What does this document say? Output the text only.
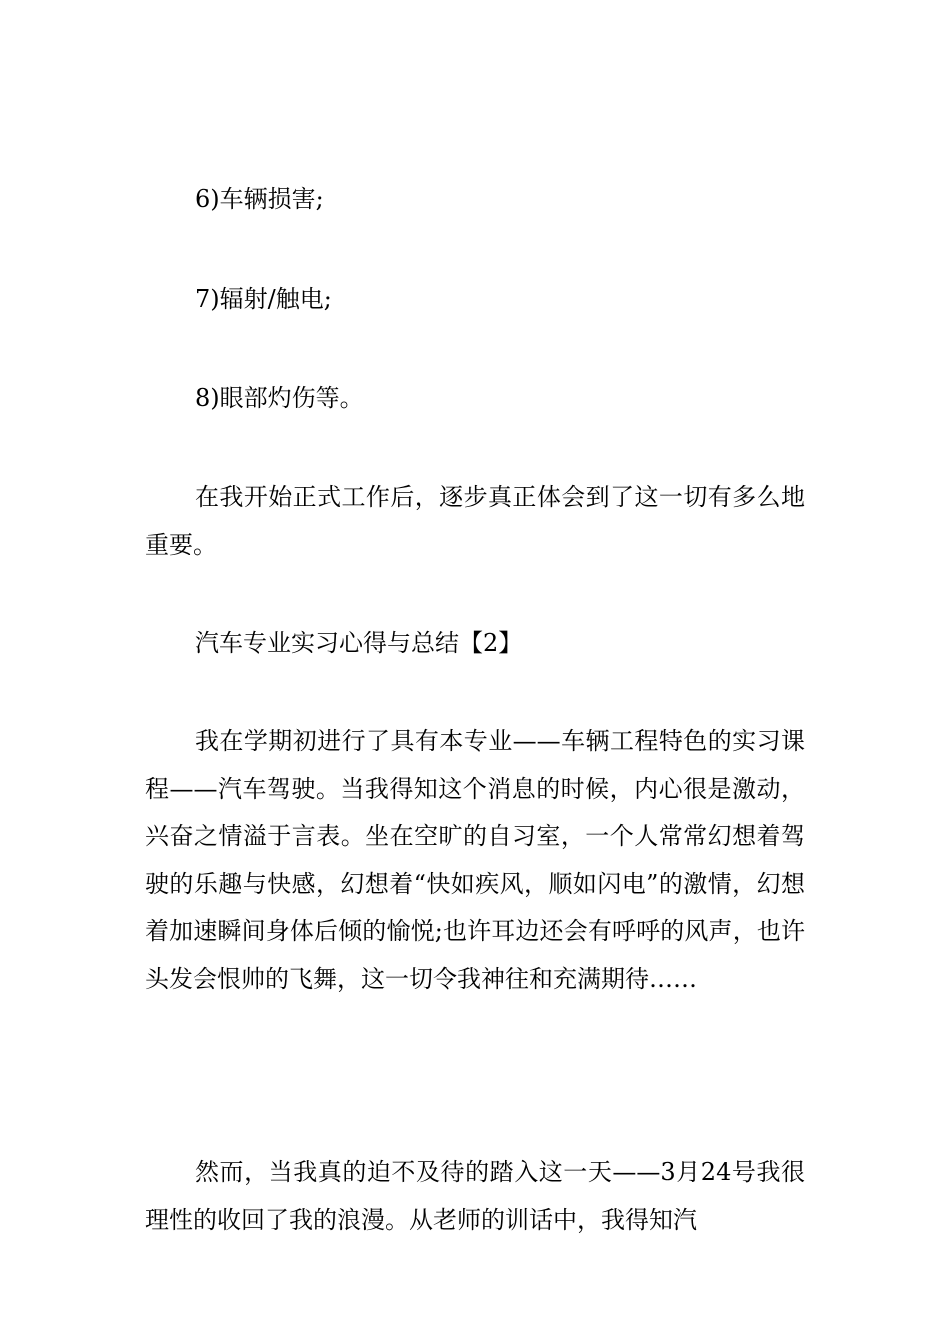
6)车辆损害;

7)辐射/触电;

8)眼部灼伤等。

在我开始正式工作后，逐步真正体会到了这一切有多么地重要。

汽车专业实习心得与总结【2】

我在学期初进行了具有本专业——车辆工程特色的实习课程——汽车驾驶。当我得知这个消息的时候，内心很是激动，兴奋之情溢于言表。坐在空旷的自习室，一个人常常幻想着驾驶的乐趣与快感，幻想着“快如疾风，顺如闪电”的激情，幻想着加速瞬间身体后倾的愉悦;也许耳边还会有呼呼的风声，也许头发会恨帅的飞舞，这一切令我神往和充满期待……

然而，当我真的迫不及待的踏入这一天——3月24号我很理性的收回了我的浪漫。从老师的训话中，我得知汽
